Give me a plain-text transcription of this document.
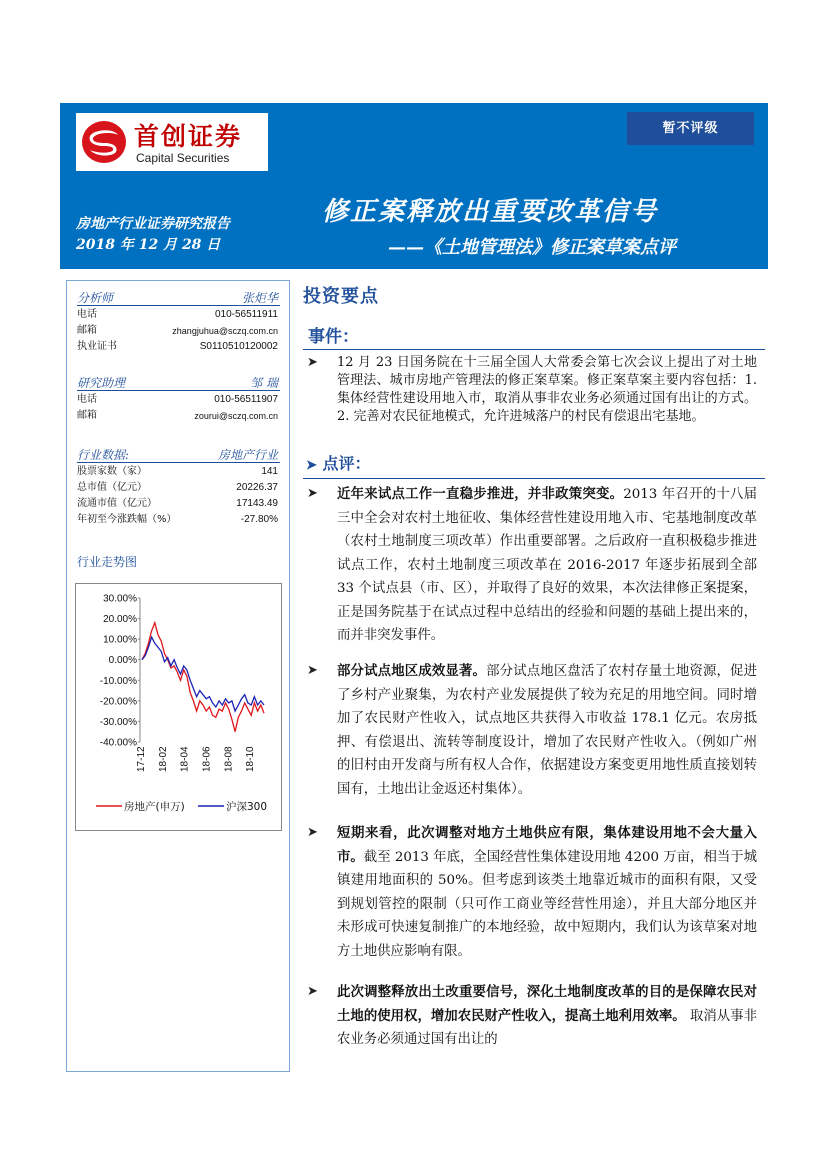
首创证券
Capital Securities
暂不评级
修正案释放出重要改革信号
——《土地管理法》修正案草案点评
房地产行业证券研究报告
2018 年 12 月 28 日
分析师	张炬华
电话	010-56511911
邮箱	zhangjuhua@sczq.com.cn
执业证书	S0110510120002
研究助理	邹 瑞
电话	010-56511907
邮箱	zourui@sczq.com.cn
行业数据:	房地产行业
股票家数（家）	141
总市值（亿元）	20226.37
流通市值（亿元）	17143.49
年初至今涨跌幅（%）	-27.80%
行业走势图
30.00%
20.00%
10.00%
0.00%
-10.00%
-20.00%
-30.00%
-40.00%
17-12 18-02 18-04 18-06 18-08 18-10
房地产(申万)	沪深300
投资要点
事件：
➤ 12 月 23 日国务院在十三届全国人大常委会第七次会议上提出了对土地管理法、城市房地产管理法的修正案草案。修正案草案主要内容包括：1. 集体经营性建设用地入市，取消从事非农业务必须通过国有出让的方式。2. 完善对农民征地模式，允许进城落户的村民有偿退出宅基地。
➤ 点评：
➤ 近年来试点工作一直稳步推进，并非政策突变。2013 年召开的十八届三中全会对农村土地征收、集体经营性建设用地入市、宅基地制度改革（农村土地制度三项改革）作出重要部署。之后政府一直积极稳步推进试点工作，农村土地制度三项改革在 2016-2017 年逐步拓展到全部 33 个试点县（市、区），并取得了良好的效果，本次法律修正案提案，正是国务院基于在试点过程中总结出的经验和问题的基础上提出来的，而并非突发事件。
➤ 部分试点地区成效显著。部分试点地区盘活了农村存量土地资源，促进了乡村产业聚集，为农村产业发展提供了较为充足的用地空间。同时增加了农民财产性收入，试点地区共获得入市收益 178.1 亿元。农房抵押、有偿退出、流转等制度设计，增加了农民财产性收入。（例如广州的旧村由开发商与所有权人合作，依据建设方案变更用地性质直接划转国有，土地出让金返还村集体）。
➤ 短期来看，此次调整对地方土地供应有限，集体建设用地不会大量入市。截至 2013 年底，全国经营性集体建设用地 4200 万亩，相当于城镇建用地面积的 50%。但考虑到该类土地靠近城市的面积有限，又受到规划管控的限制（只可作工商业等经营性用途），并且大部分地区并未形成可快速复制推广的本地经验，故中短期内，我们认为该草案对地方土地供应影响有限。
➤ 此次调整释放出土改重要信号，深化土地制度改革的目的是保障农民对土地的使用权，增加农民财产性收入，提高土地利用效率。 取消从事非农业务必须通过国有出让的
